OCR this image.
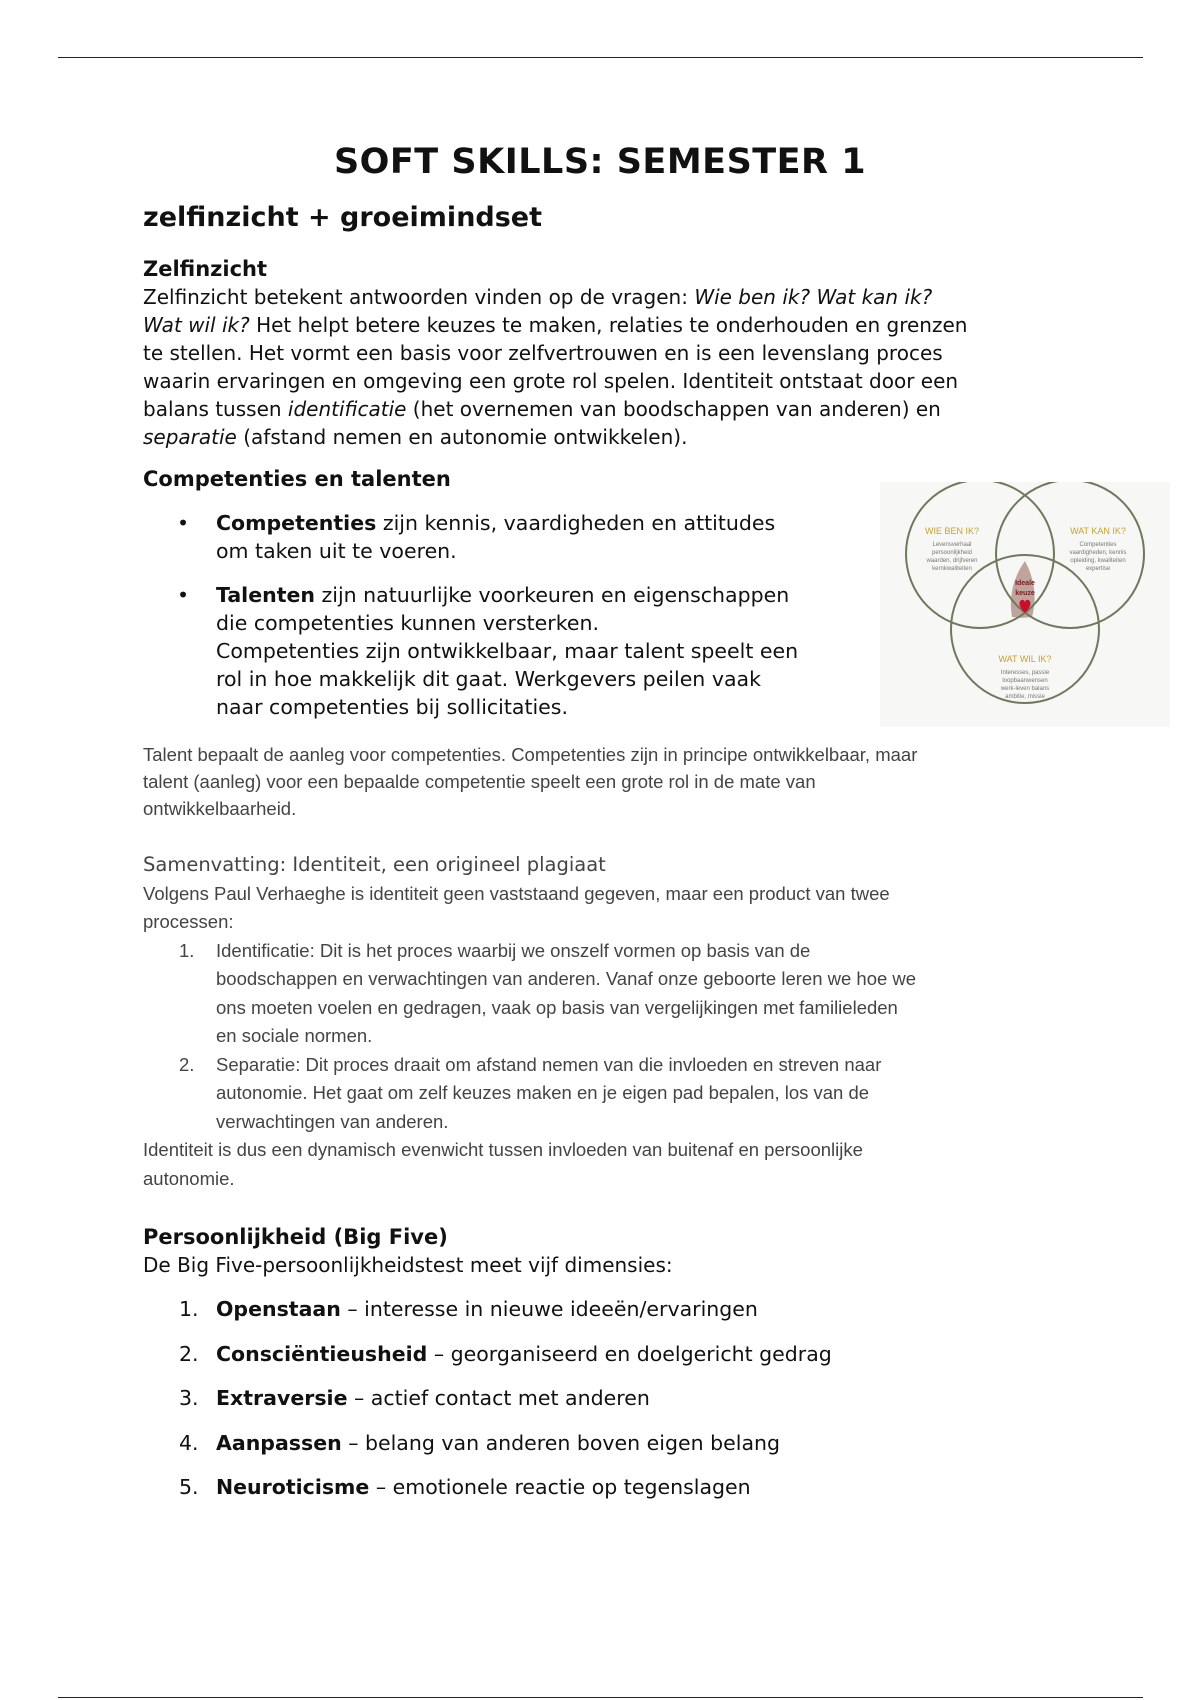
SOFT SKILLS: SEMESTER 1
zelfinzicht + groeimindset
Zelfinzicht

Zelfinzicht betekent antwoorden vinden op de vragen: Wie ben ik? Wat kan ik?
Wat wil ik? Het helpt betere keuzes te maken, relaties te onderhouden en grenzen
te stellen. Het vormt een basis voor zelfvertrouwen en is een levenslang proces
waarin ervaringen en omgeving een grote rol spelen. Identiteit ontstaat door een
balans tussen identificatie (het overnemen van boodschappen van anderen) en
separatie (afstand nemen en autonomie ontwikkelen).

Competenties en talenten
• Competenties zijn kennis, vaardigheden en attitudes
om taken uit te voeren.
• Talenten zijn natuurlijke voorkeuren en eigenschappen
die competenties kunnen versterken.
Competenties zijn ontwikkelbaar, maar talent speelt een
rol in hoe makkelijk dit gaat. Werkgevers peilen vaak
naar competenties bij sollicitaties.
WIE BEN IK?
Levensverhaal
persoonlijkheid
waarden, drijfveren
kernkwaliteiten
WAT KAN IK?
Competenties
vaardigheden, kennis
opleiding, kwaliteiten
expertise
WAT WIL IK?
Interesses, passie
loopbaanwensen
werk-leven balans
ambitie, missie
Ideale
keuze
Talent bepaalt de aanleg voor competenties. Competenties zijn in principe ontwikkelbaar, maar
talent (aanleg) voor een bepaalde competentie speelt een grote rol in de mate van
ontwikkelbaarheid.
Samenvatting: Identiteit, een origineel plagiaat
Volgens Paul Verhaeghe is identiteit geen vaststaand gegeven, maar een product van twee
processen:
1. Identificatie: Dit is het proces waarbij we onszelf vormen op basis van de
boodschappen en verwachtingen van anderen. Vanaf onze geboorte leren we hoe we
ons moeten voelen en gedragen, vaak op basis van vergelijkingen met familieleden
en sociale normen.
2. Separatie: Dit proces draait om afstand nemen van die invloeden en streven naar
autonomie. Het gaat om zelf keuzes maken en je eigen pad bepalen, los van de
verwachtingen van anderen.
Identiteit is dus een dynamisch evenwicht tussen invloeden van buitenaf en persoonlijke
autonomie.
Persoonlijkheid (Big Five)

De Big Five-persoonlijkheidstest meet vijf dimensies:

1. Openstaan – interesse in nieuwe ideeën/ervaringen
2. Consciëntieusheid – georganiseerd en doelgericht gedrag
3. Extraversie – actief contact met anderen
4. Aanpassen – belang van anderen boven eigen belang
5. Neuroticisme – emotionele reactie op tegenslagen
